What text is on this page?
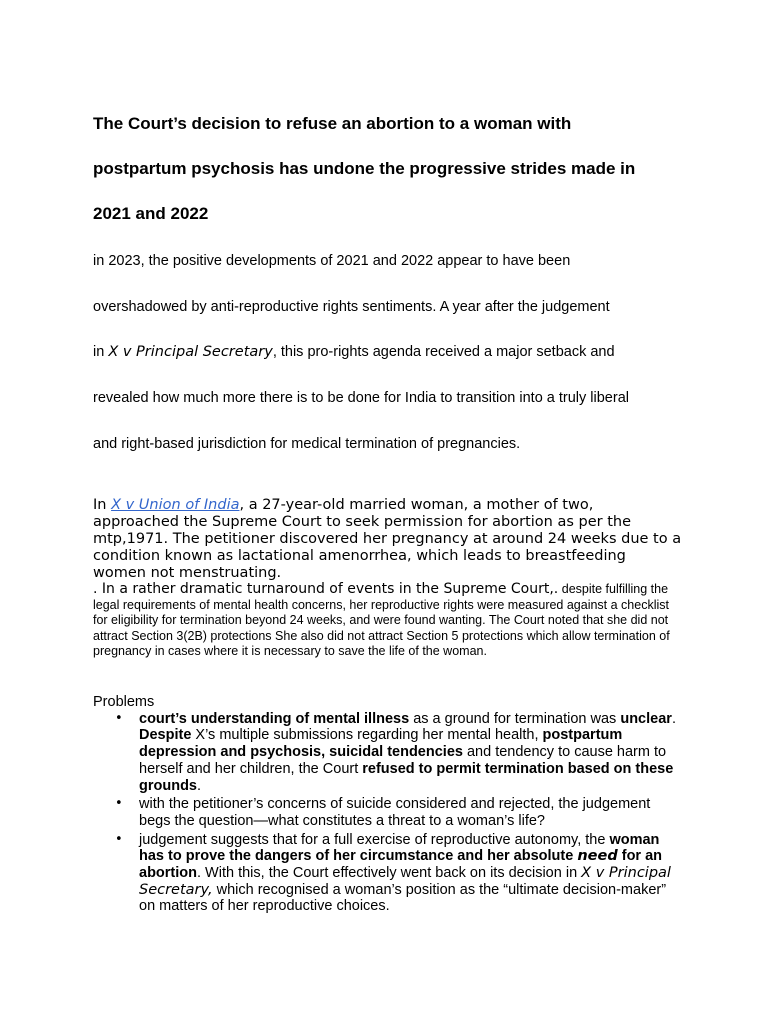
The Court’s decision to refuse an abortion to a woman with

postpartum psychosis has undone the progressive strides made in

2021 and 2022

in 2023, the positive developments of 2021 and 2022 appear to have been

overshadowed by anti-reproductive rights sentiments. A year after the judgement

in X v Principal Secretary, this pro-rights agenda received a major setback and

revealed how much more there is to be done for India to transition into a truly liberal

and right-based jurisdiction for medical termination of pregnancies.

In X v Union of India, a 27-year-old married woman, a mother of two, approached the Supreme Court to seek permission for abortion as per the mtp,1971. The petitioner discovered her pregnancy at around 24 weeks due to a condition known as lactational amenorrhea, which leads to breastfeeding women not menstruating.

. In a rather dramatic turnaround of events in the Supreme Court,. despite fulfilling the legal requirements of mental health concerns, her reproductive rights were measured against a checklist for eligibility for termination beyond 24 weeks, and were found wanting. The Court noted that she did not attract Section 3(2B) protections She also did not attract Section 5 protections which allow termination of pregnancy in cases where it is necessary to save the life of the woman.

Problems
• court’s understanding of mental illness as a ground for termination was unclear. Despite X’s multiple submissions regarding her mental health, postpartum depression and psychosis, suicidal tendencies and tendency to cause harm to herself and her children, the Court refused to permit termination based on these grounds.
• with the petitioner’s concerns of suicide considered and rejected, the judgement begs the question—what constitutes a threat to a woman’s life?
• judgement suggests that for a full exercise of reproductive autonomy, the woman has to prove the dangers of her circumstance and her absolute need for an abortion. With this, the Court effectively went back on its decision in X v Principal Secretary, which recognised a woman’s position as the “ultimate decision-maker” on matters of her reproductive choices.
